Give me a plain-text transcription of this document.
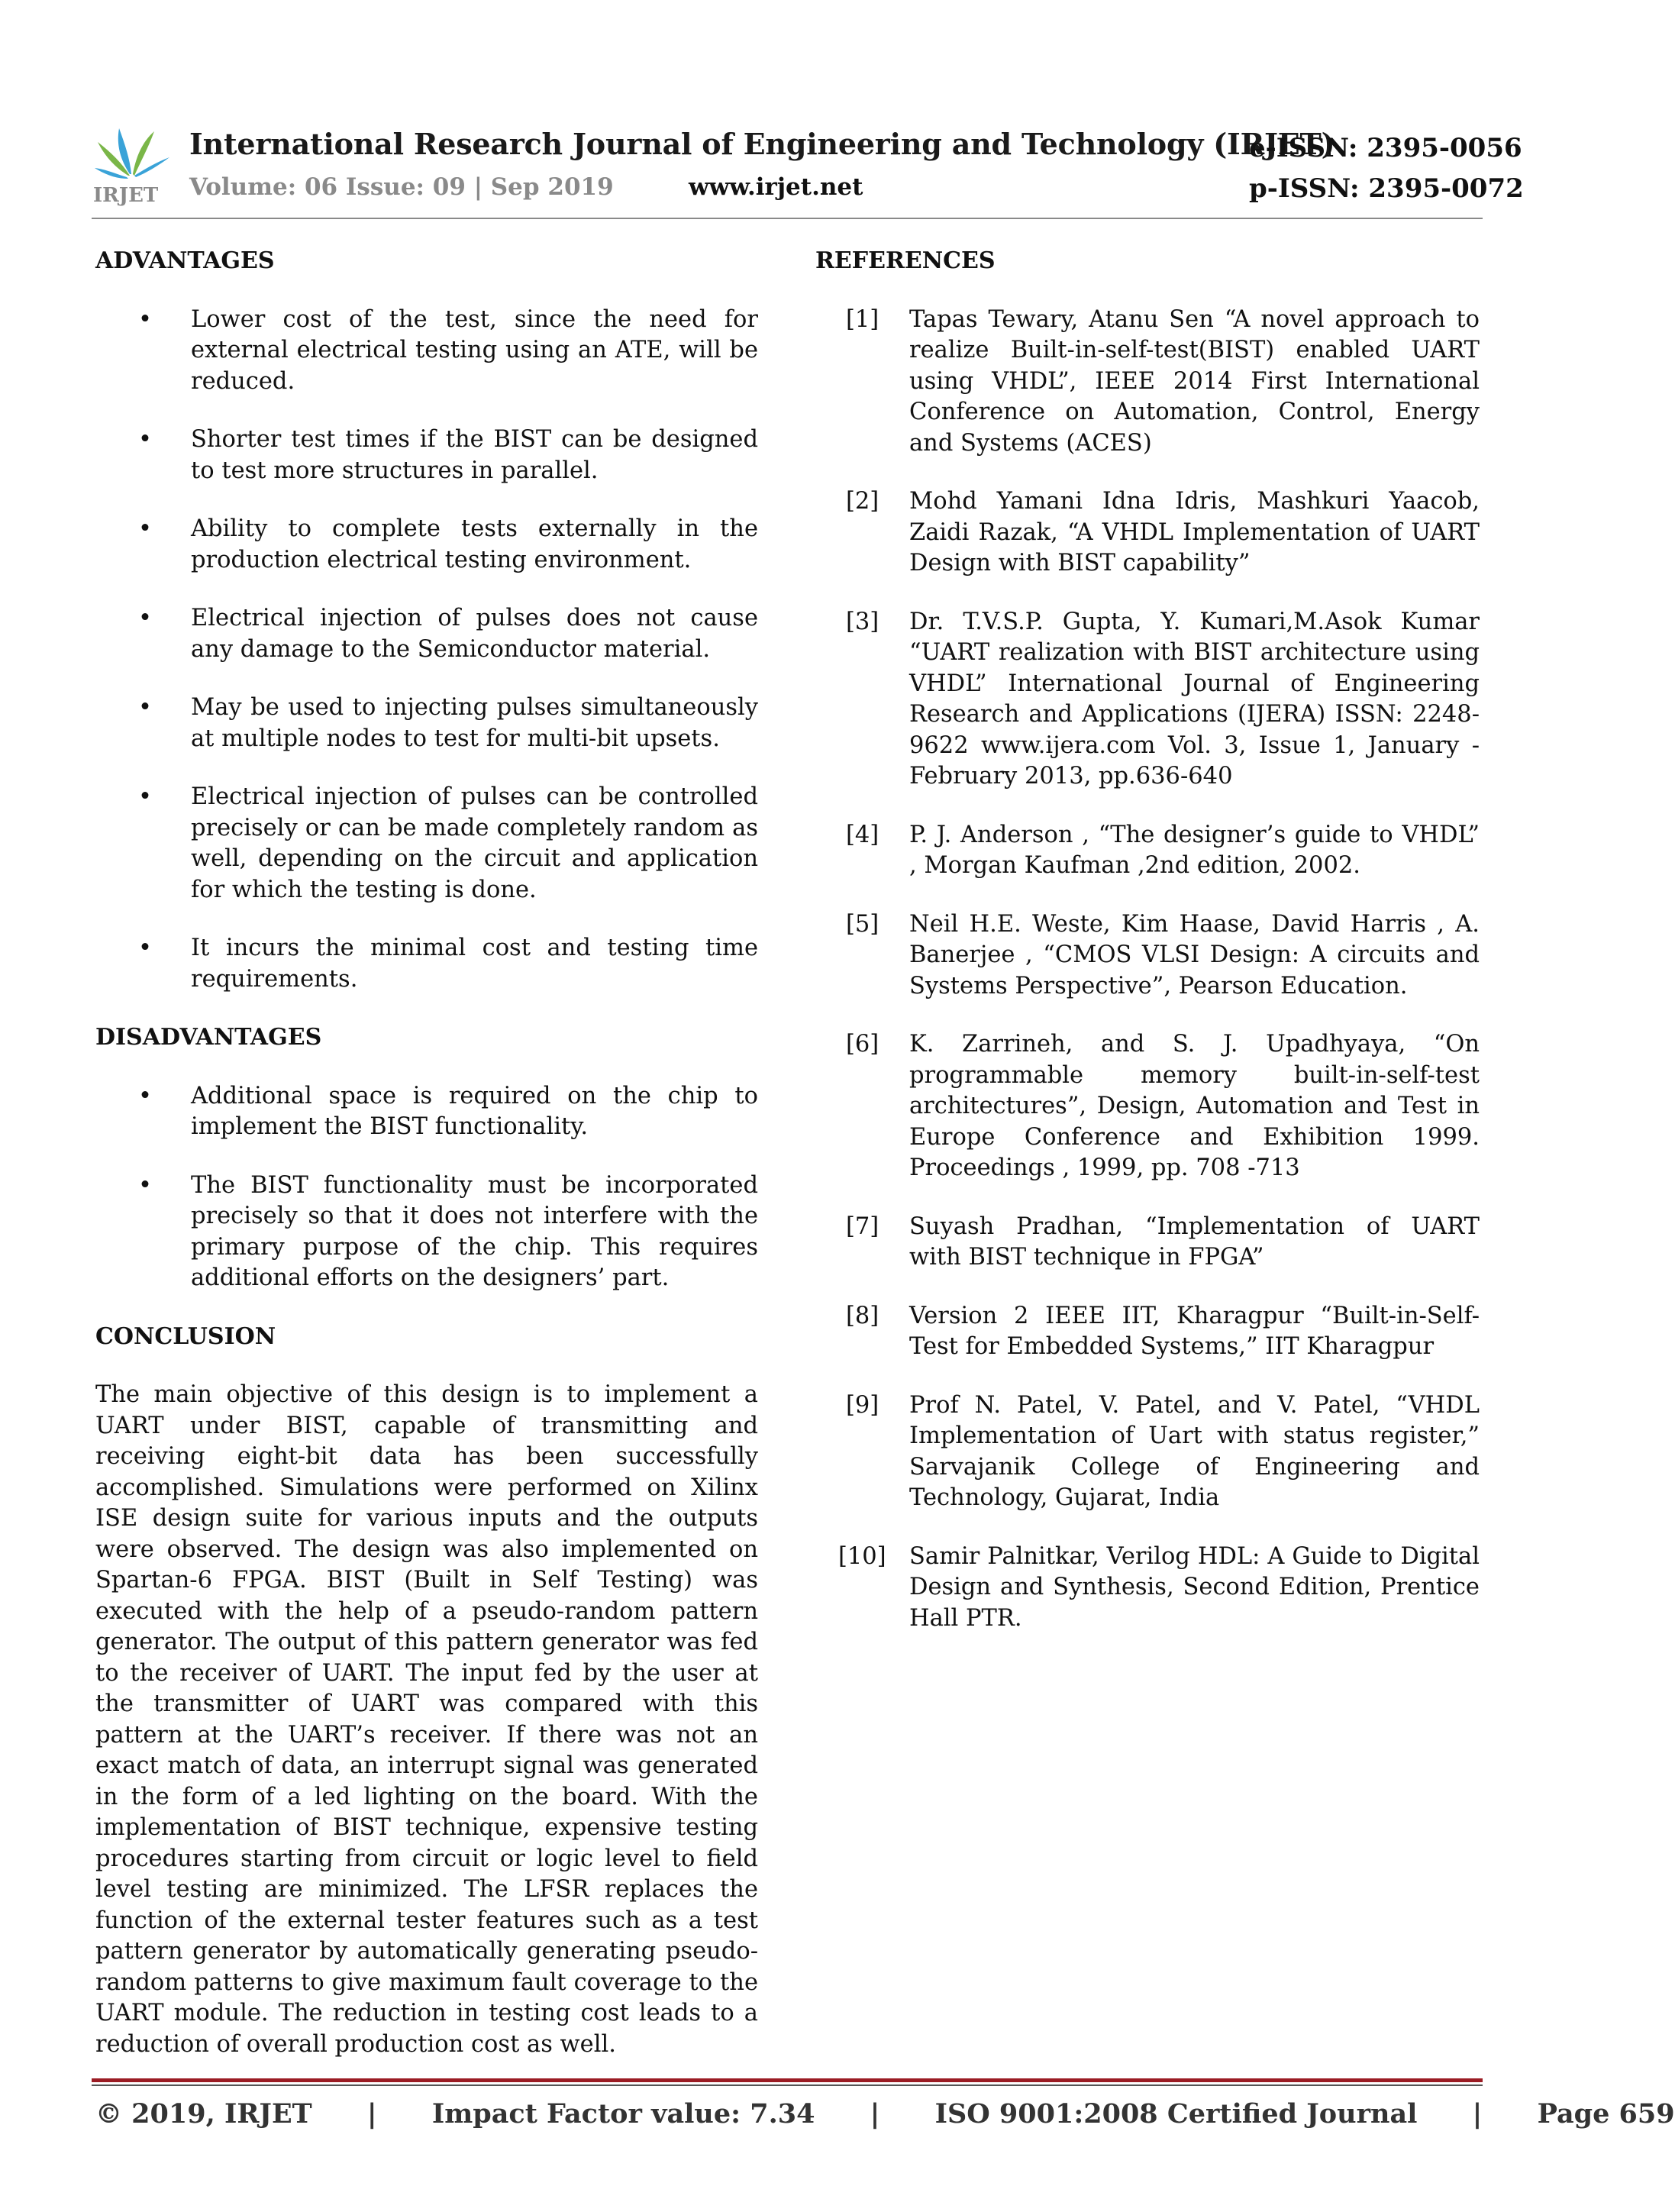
IRJET
International Research Journal of Engineering and Technology (IRJET)
e-ISSN: 2395-0056
Volume: 06 Issue: 09 | Sep 2019	www.irjet.net	p-ISSN: 2395-0072
ADVANTAGES
• Lower cost of the test, since the need for external electrical testing using an ATE, will be reduced.
• Shorter test times if the BIST can be designed to test more structures in parallel.
• Ability to complete tests externally in the production electrical testing environment.
• Electrical injection of pulses does not cause any damage to the Semiconductor material.
• May be used to injecting pulses simultaneously at multiple nodes to test for multi-bit upsets.
• Electrical injection of pulses can be controlled precisely or can be made completely random as well, depending on the circuit and application for which the testing is done.
• It incurs the minimal cost and testing time requirements.
DISADVANTAGES
• Additional space is required on the chip to implement the BIST functionality.
• The BIST functionality must be incorporated precisely so that it does not interfere with the primary purpose of the chip. This requires additional efforts on the designers’ part.
CONCLUSION

The main objective of this design is to implement a UART under BIST, capable of transmitting and receiving eight-bit data has been successfully accomplished. Simulations were performed on Xilinx ISE design suite for various inputs and the outputs were observed. The design was also implemented on Spartan-6 FPGA. BIST (Built in Self Testing) was executed with the help of a pseudo-random pattern generator. The output of this pattern generator was fed to the receiver of UART. The input fed by the user at the transmitter of UART was compared with this pattern at the UART’s receiver. If there was not an exact match of data, an interrupt signal was generated in the form of a led lighting on the board. With the implementation of BIST technique, expensive testing procedures starting from circuit or logic level to field level testing are minimized. The LFSR replaces the function of the external tester features such as a test pattern generator by automatically generating pseudo-random patterns to give maximum fault coverage to the UART module. The reduction in testing cost leads to a reduction of overall production cost as well.

REFERENCES
[1]	Tapas Tewary, Atanu Sen “A novel approach to realize Built-in-self-test(BIST) enabled UART using VHDL”, IEEE 2014 First International Conference on Automation, Control, Energy and Systems (ACES)
[2]	Mohd Yamani Idna Idris, Mashkuri Yaacob, Zaidi Razak, “A VHDL Implementation of UART Design with BIST capability”
[3]	Dr. T.V.S.P. Gupta, Y. Kumari,M.Asok Kumar “UART realization with BIST architecture using VHDL” International Journal of Engineering Research and Applications (IJERA) ISSN: 2248-9622 www.ijera.com Vol. 3, Issue 1, January -February 2013, pp.636-640
[4]	P. J. Anderson , “The designer’s guide to VHDL” , Morgan Kaufman ,2nd edition, 2002.
[5]	Neil H.E. Weste, Kim Haase, David Harris , A. Banerjee , “CMOS VLSI Design: A circuits and Systems Perspective”, Pearson Education.
[6]	K. Zarrineh, and S. J. Upadhyaya, “On programmable memory built-in-self-test architectures”, Design, Automation and Test in Europe Conference and Exhibition 1999. Proceedings , 1999, pp. 708 -713
[7]	Suyash Pradhan, “Implementation of UART with BIST technique in FPGA”
[8]	Version 2 IEEE IIT, Kharagpur “Built-in-Self-Test for Embedded Systems,” IIT Kharagpur
[9]	Prof N. Patel, V. Patel, and V. Patel, “VHDL Implementation of Uart with status register,” Sarvajanik College of Engineering and Technology, Gujarat, India
[10] Samir Palnitkar, Verilog HDL: A Guide to Digital Design and Synthesis, Second Edition, Prentice Hall PTR.
© 2019, IRJET | Impact Factor value: 7.34 | ISO 9001:2008 Certified Journal | Page 659
